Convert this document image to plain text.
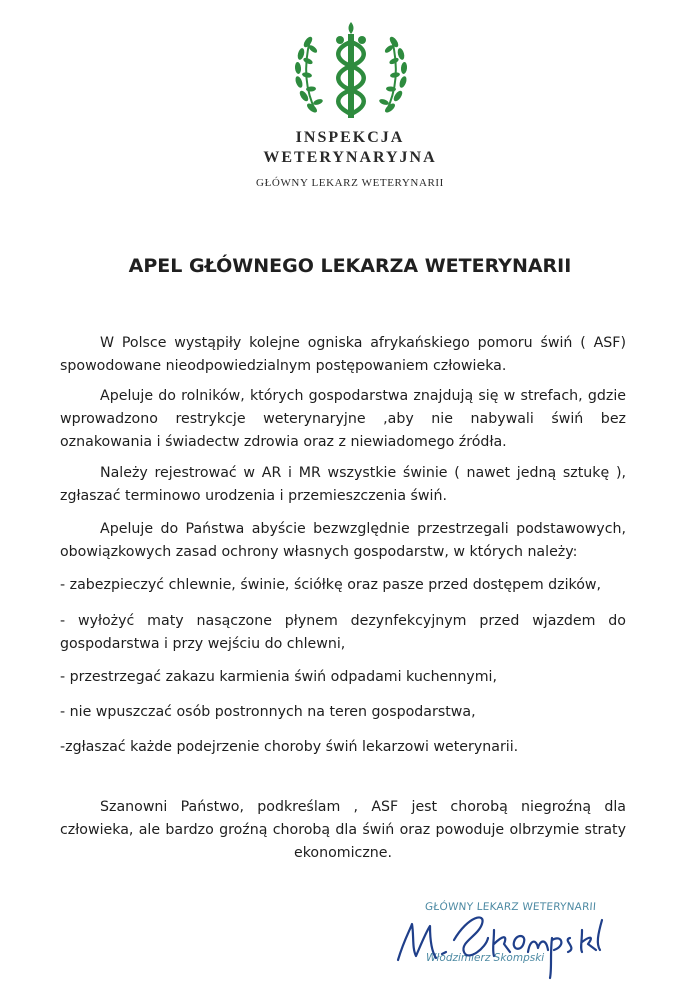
INSPEKCJA
WETERYNARYJNA
GŁÓWNY LEKARZ WETERYNARII
APEL GŁÓWNEGO LEKARZA WETERYNARII
W Polsce wystąpiły kolejne ogniska afrykańskiego pomoru świń ( ASF) spowodowane nieodpowiedzialnym postępowaniem człowieka.
Apeluje do rolników, których gospodarstwa znajdują się w strefach, gdzie wprowadzono restrykcje weterynaryjne ,aby nie nabywali świń bez oznakowania i świadectw zdrowia oraz z niewiadomego źródła.
Należy rejestrować w AR i MR wszystkie świnie ( nawet jedną sztukę ), zgłaszać terminowo urodzenia i przemieszczenia świń.
Apeluje do Państwa abyście bezwzględnie przestrzegali podstawowych, obowiązkowych zasad ochrony własnych gospodarstw, w których należy:
- zabezpieczyć chlewnie, świnie, ściółkę oraz pasze przed dostępem dzików,
- wyłożyć maty nasączone płynem dezynfekcyjnym przed wjazdem do gospodarstwa i przy wejściu do chlewni,
- przestrzegać zakazu karmienia świń odpadami kuchennymi,
- nie wpuszczać osób postronnych na teren gospodarstwa,
-zgłaszać każde podejrzenie choroby świń lekarzowi weterynarii.
Szanowni Państwo, podkreślam , ASF jest chorobą niegroźną dla człowieka, ale bardzo groźną chorobą dla świń oraz powoduje olbrzymie straty ekonomiczne.
GŁÓWNY LEKARZ WETERYNARII
Włodzimierz Skompski
